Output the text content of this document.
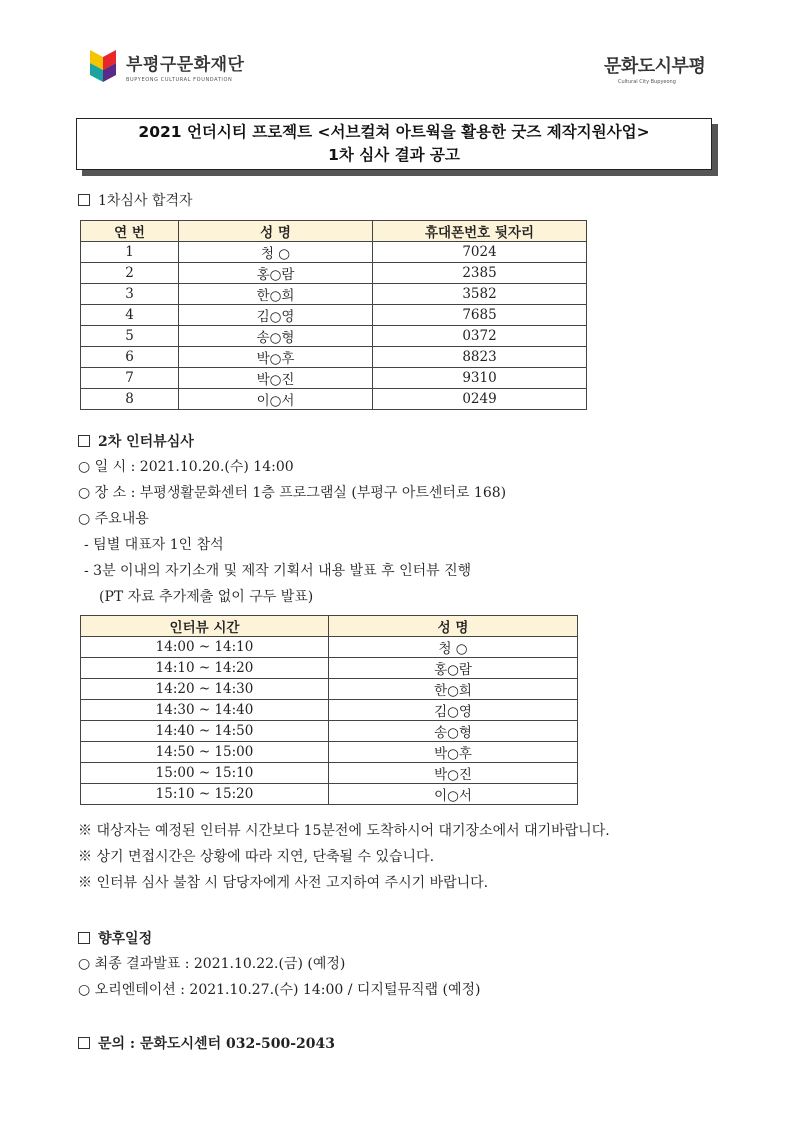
부평구문화재단
BUPYEONG CULTURAL FOUNDATION
문화도시부평
Cultural City Bupyeong
2021 언더시티 프로젝트 <서브컬쳐 아트웍을 활용한 굿즈 제작지원사업>
1차 심사 결과 공고
1차심사 합격자
연 번	성 명	휴대폰번호 뒷자리
1	청 ○	7024
2	홍○람	2385
3	한○희	3582
4	김○영	7685
5	송○형	0372
6	박○후	8823
7	박○진	9310
8	이○서	0249
2차 인터뷰심사
○ 일 시 : 2021.10.20.(수) 14:00
○ 장 소 : 부평생활문화센터 1층 프로그램실 (부평구 아트센터로 168)
○ 주요내용
- 팀별 대표자 1인 참석
- 3분 이내의 자기소개 및 제작 기획서 내용 발표 후 인터뷰 진행
(PT 자료 추가제출 없이 구두 발표)
인터뷰 시간	성 명
14:00 ~ 14:10	청 ○
14:10 ~ 14:20	홍○람
14:20 ~ 14:30	한○희
14:30 ~ 14:40	김○영
14:40 ~ 14:50	송○형
14:50 ~ 15:00	박○후
15:00 ~ 15:10	박○진
15:10 ~ 15:20	이○서
※ 대상자는 예정된 인터뷰 시간보다 15분전에 도착하시어 대기장소에서 대기바랍니다.
※ 상기 면접시간은 상황에 따라 지연, 단축될 수 있습니다.
※ 인터뷰 심사 불참 시 담당자에게 사전 고지하여 주시기 바랍니다.
향후일정
○ 최종 결과발표 : 2021.10.22.(금) (예정)
○ 오리엔테이션 : 2021.10.27.(수) 14:00 / 디지털뮤직랩 (예정)
문의 : 문화도시센터 032-500-2043
